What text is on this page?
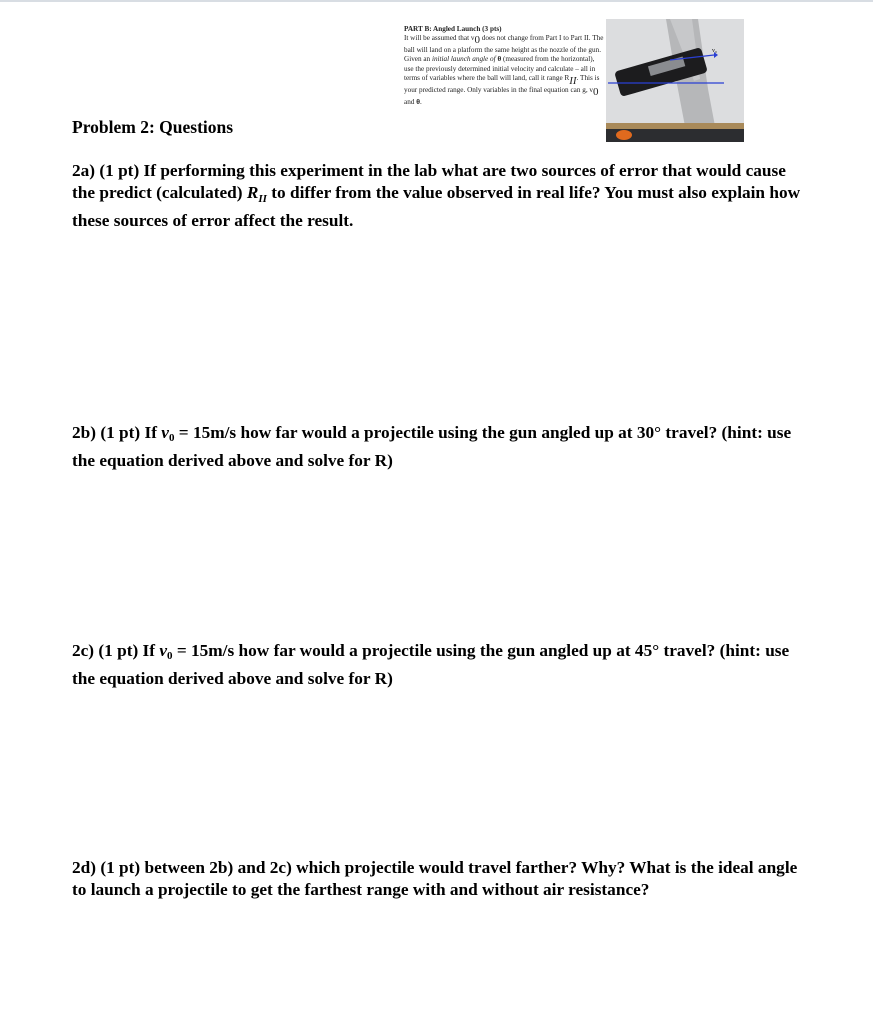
PART B: Angled Launch (3 pts)
It will be assumed that v0 does not change from Part I to Part II. The ball will land on a platform the same height as the nozzle of the gun. Given an initial launch angle of θ (measured from the horizontal), use the previously determined initial velocity and calculate – all in terms of variables where the ball will land, call it range RII. This is your predicted range. Only variables in the final equation can g, v0 and θ.
v₀
Problem 2: Questions

2a) (1 pt) If performing this experiment in the lab what are two sources of error that would cause the predict (calculated) $R_{II}$ to differ from the value observed in real life? You must also explain how these sources of error affect the result.

2b) (1 pt) If v0 = 15m/s how far would a projectile using the gun angled up at 30° travel? (hint: use the equation derived above and solve for R)

2c) (1 pt) If v0 = 15m/s how far would a projectile using the gun angled up at 45° travel? (hint: use the equation derived above and solve for R)

2d) (1 pt) between 2b) and 2c) which projectile would travel farther? Why? What is the ideal angle to launch a projectile to get the farthest range with and without air resistance?
